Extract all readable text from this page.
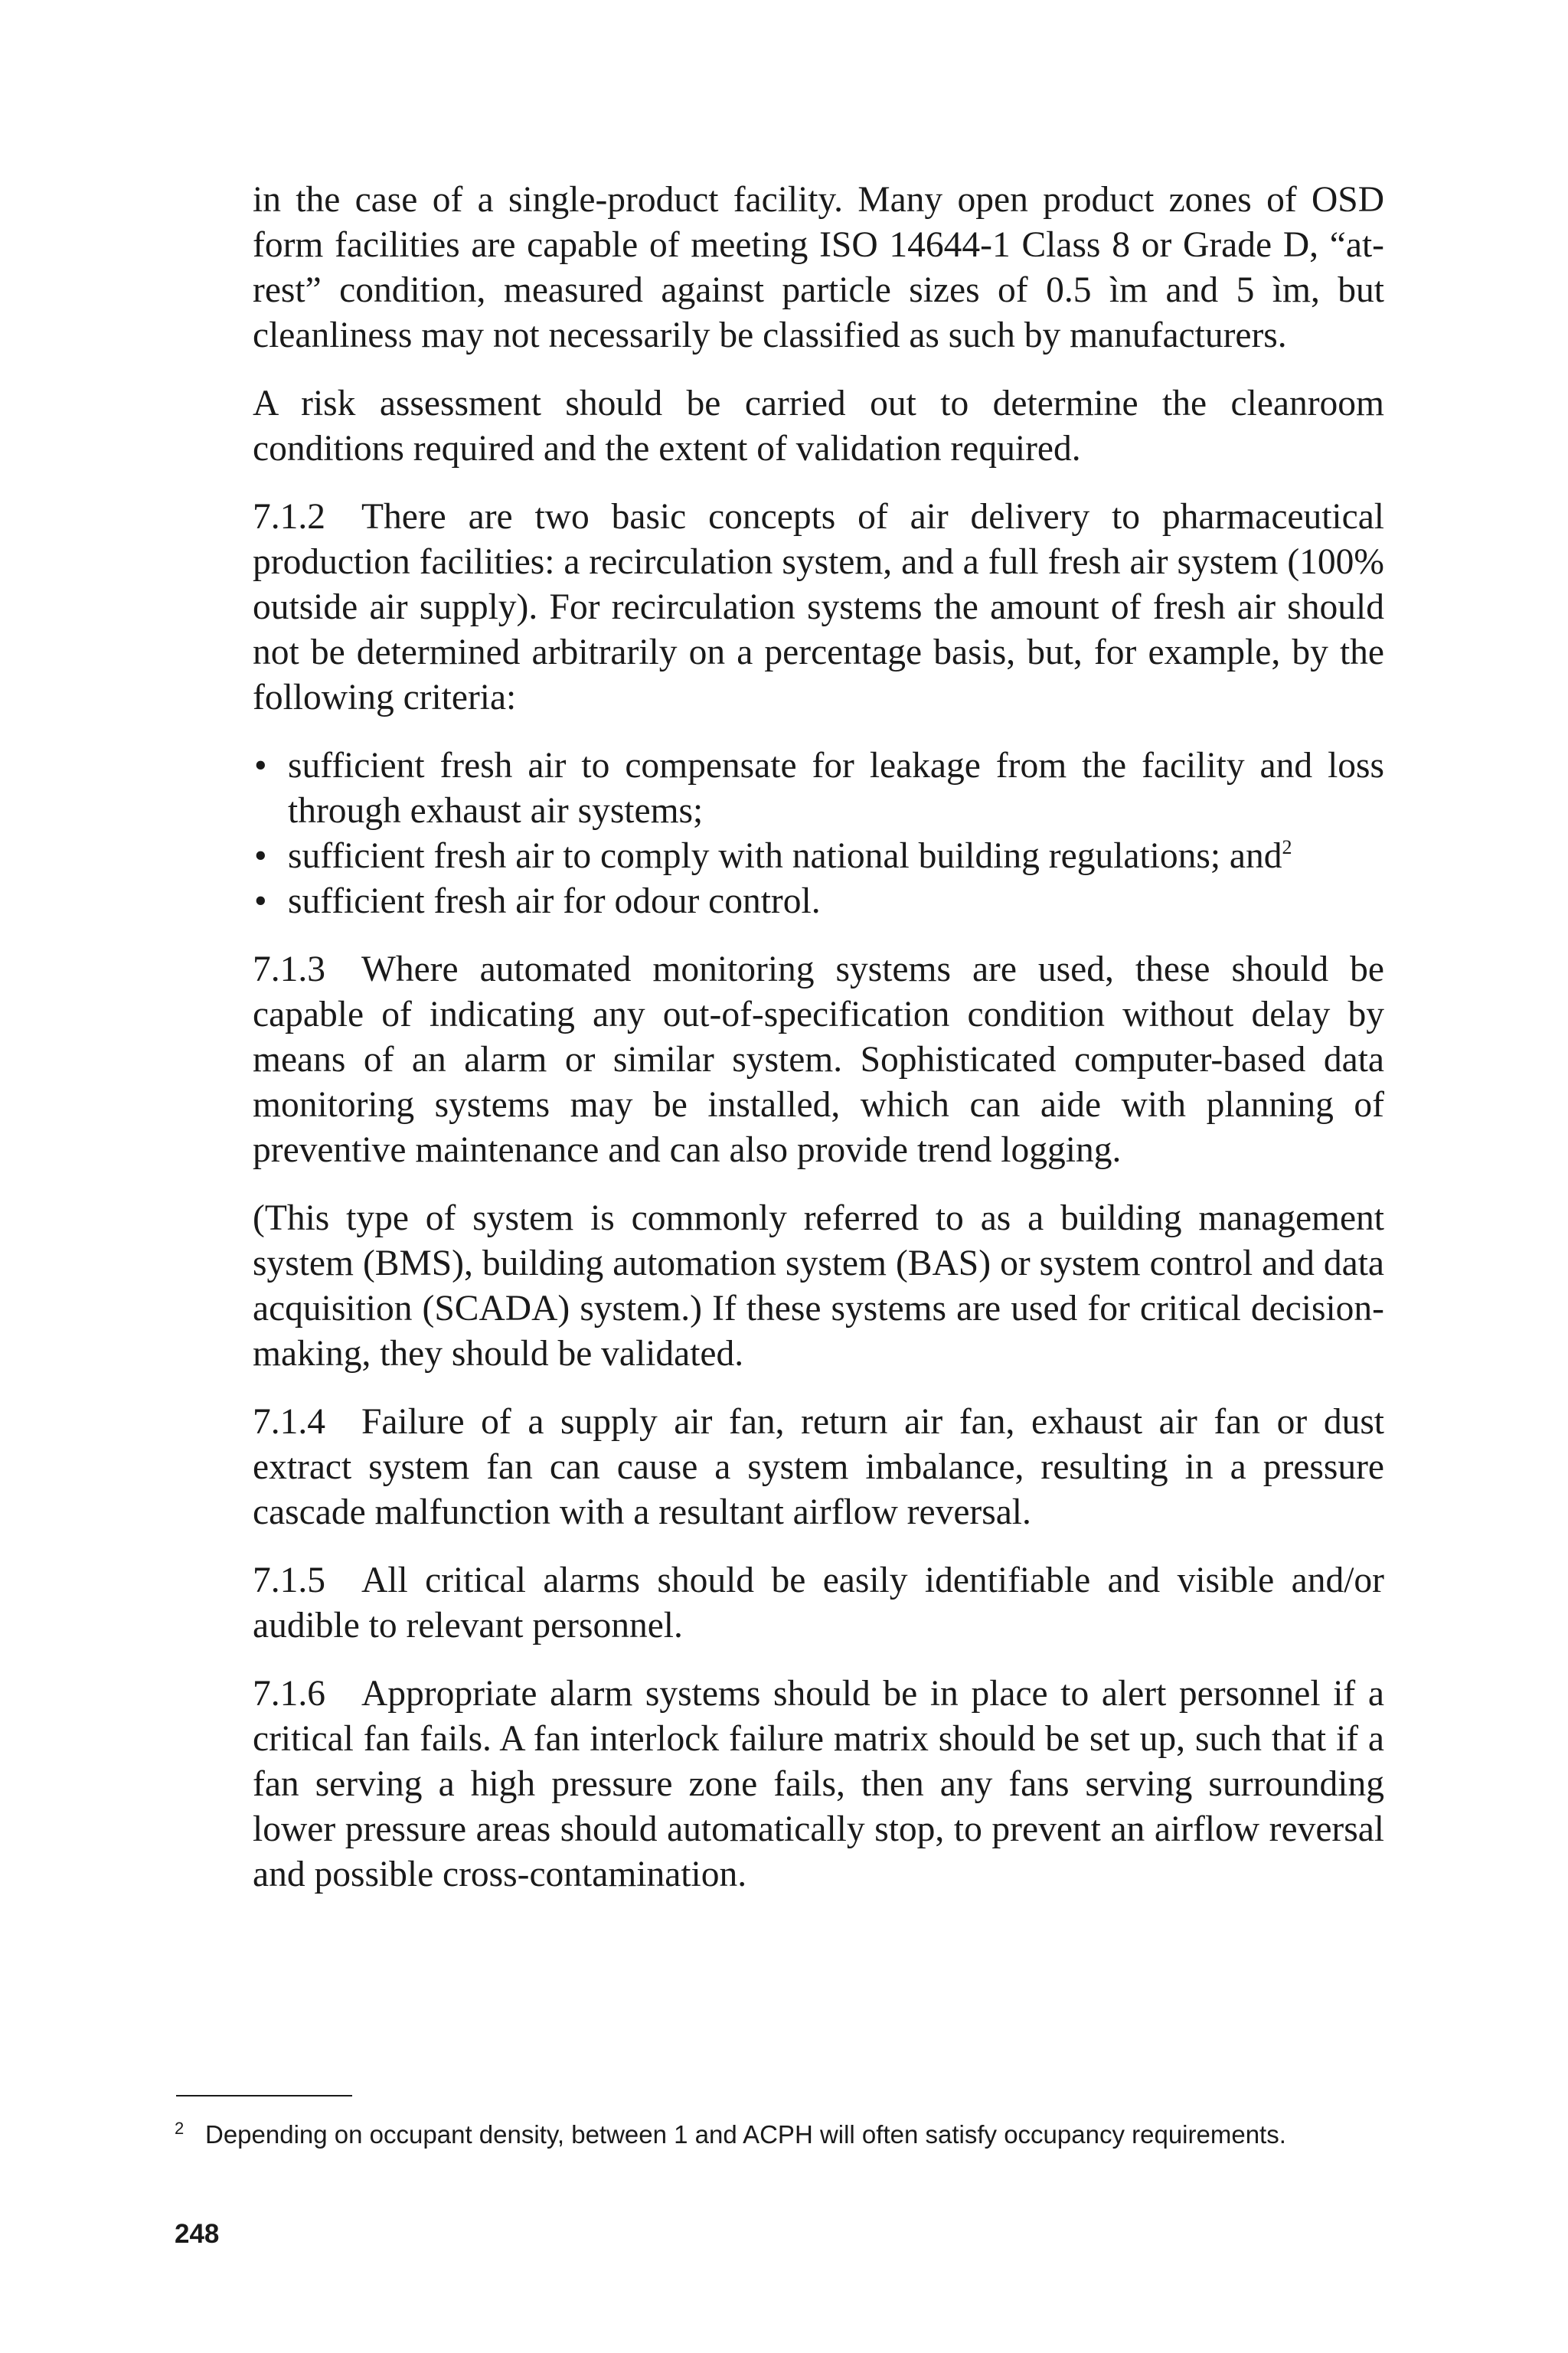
in the case of a single-product facility. Many open product zones of OSD form facilities are capable of meeting ISO 14644-1 Class 8 or Grade D, “at-rest” condition, measured against particle sizes of 0.5 ìm and 5 ìm, but cleanliness may not necessarily be classified as such by manufacturers.

A risk assessment should be carried out to determine the cleanroom conditions required and the extent of validation required.

7.1.2 There are two basic concepts of air delivery to pharmaceutical production facilities: a recirculation system, and a full fresh air system (100% outside air supply). For recirculation systems the amount of fresh air should not be determined arbitrarily on a percentage basis, but, for example, by the following criteria:

• sufficient fresh air to compensate for leakage from the facility and loss through exhaust air systems;
• sufficient fresh air to comply with national building regulations; and$^2$
• sufficient fresh air for odour control.

7.1.3 Where automated monitoring systems are used, these should be capable of indicating any out-of-specification condition without delay by means of an alarm or similar system. Sophisticated computer-based data monitoring systems may be installed, which can aide with planning of preventive maintenance and can also provide trend logging.

(This type of system is commonly referred to as a building management system (BMS), building automation system (BAS) or system control and data acquisition (SCADA) system.) If these systems are used for critical decision-making, they should be validated.

7.1.4 Failure of a supply air fan, return air fan, exhaust air fan or dust extract system fan can cause a system imbalance, resulting in a pressure cascade malfunction with a resultant airflow reversal.

7.1.5 All critical alarms should be easily identifiable and visible and/or audible to relevant personnel.

7.1.6 Appropriate alarm systems should be in place to alert personnel if a critical fan fails. A fan interlock failure matrix should be set up, such that if a fan serving a high pressure zone fails, then any fans serving surrounding lower pressure areas should automatically stop, to prevent an airflow reversal and possible cross-contamination.

2 Depending on occupant density, between 1 and ACPH will often satisfy occupancy requirements.
248
